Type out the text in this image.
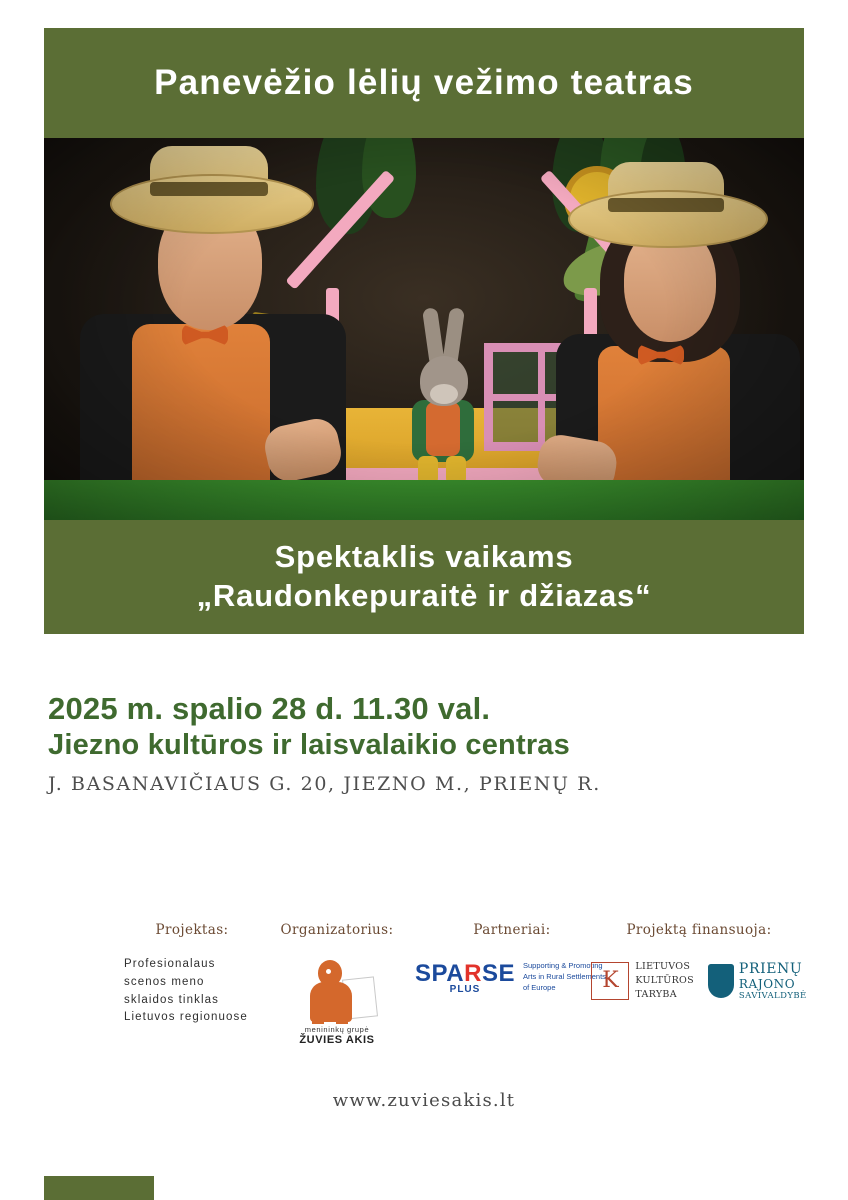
Panevėžio lėlių vežimo teatras
Spektaklis vaikams
„Raudonkepuraitė ir džiazas“
2025 m. spalio 28 d. 11.30 val.
Jiezno kultūros ir laisvalaikio centras
J. BASANAVIČIAUS G. 20, JIEZNO M., PRIENŲ R.
Projektas:
Profesionalaus
scenos meno
sklaidos tinklas
Lietuvos regionuose
Organizatorius:
menininkų grupė
ŽUVIES AKIS
Partneriai:
SPARSE
PLUS
Supporting & Promoting Arts in Rural Settlements of Europe
Projektą finansuoja:
K
LIETUVOS
KULTŪROS
TARYBA
PRIENŲ
RAJONO
SAVIVALDYBĖ
www.zuviesakis.lt
